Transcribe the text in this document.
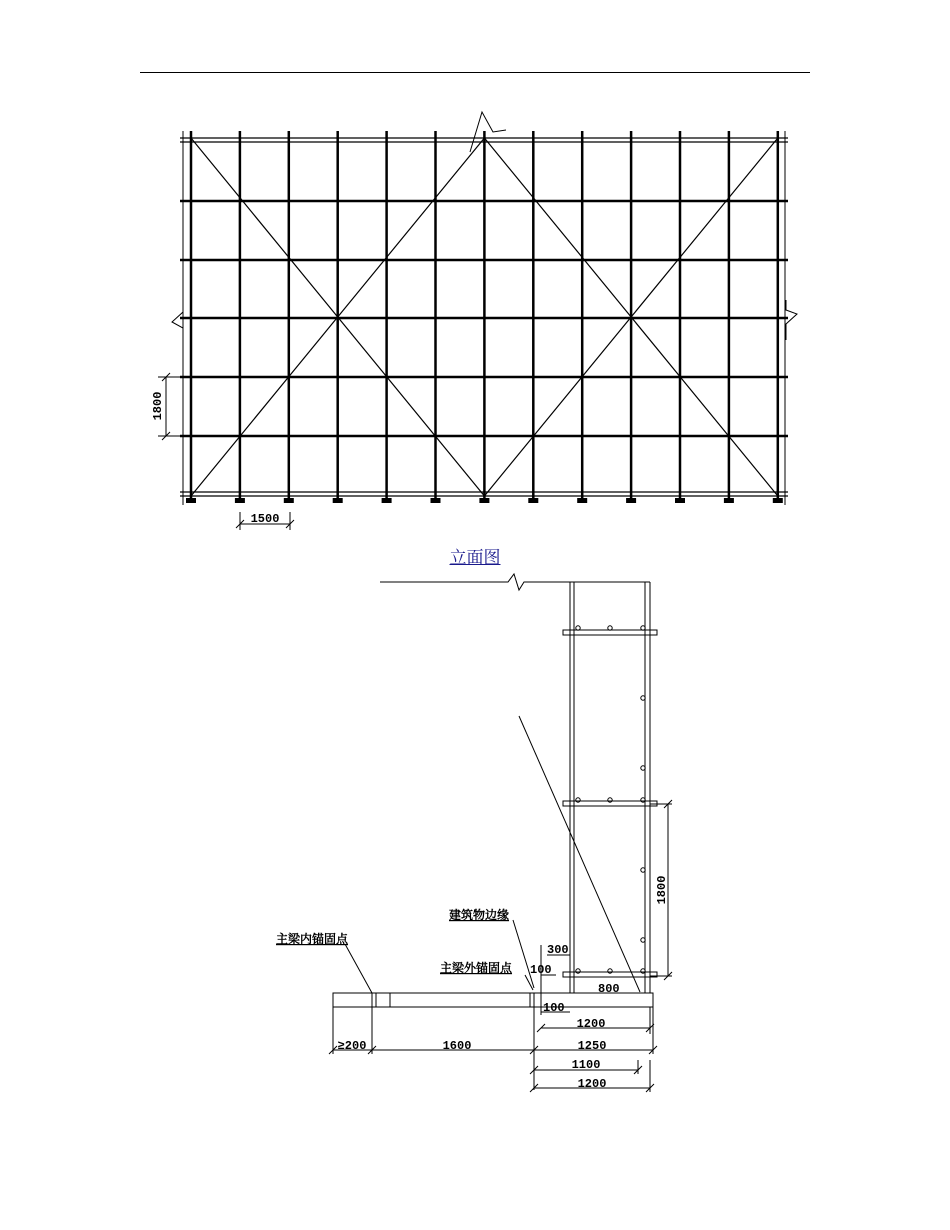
1800
1500
建筑物边缘
主梁内锚固点
主梁外锚固点
1800
300
100
800
100
1200
≥200	1600	1250
1100
1200
立面图
